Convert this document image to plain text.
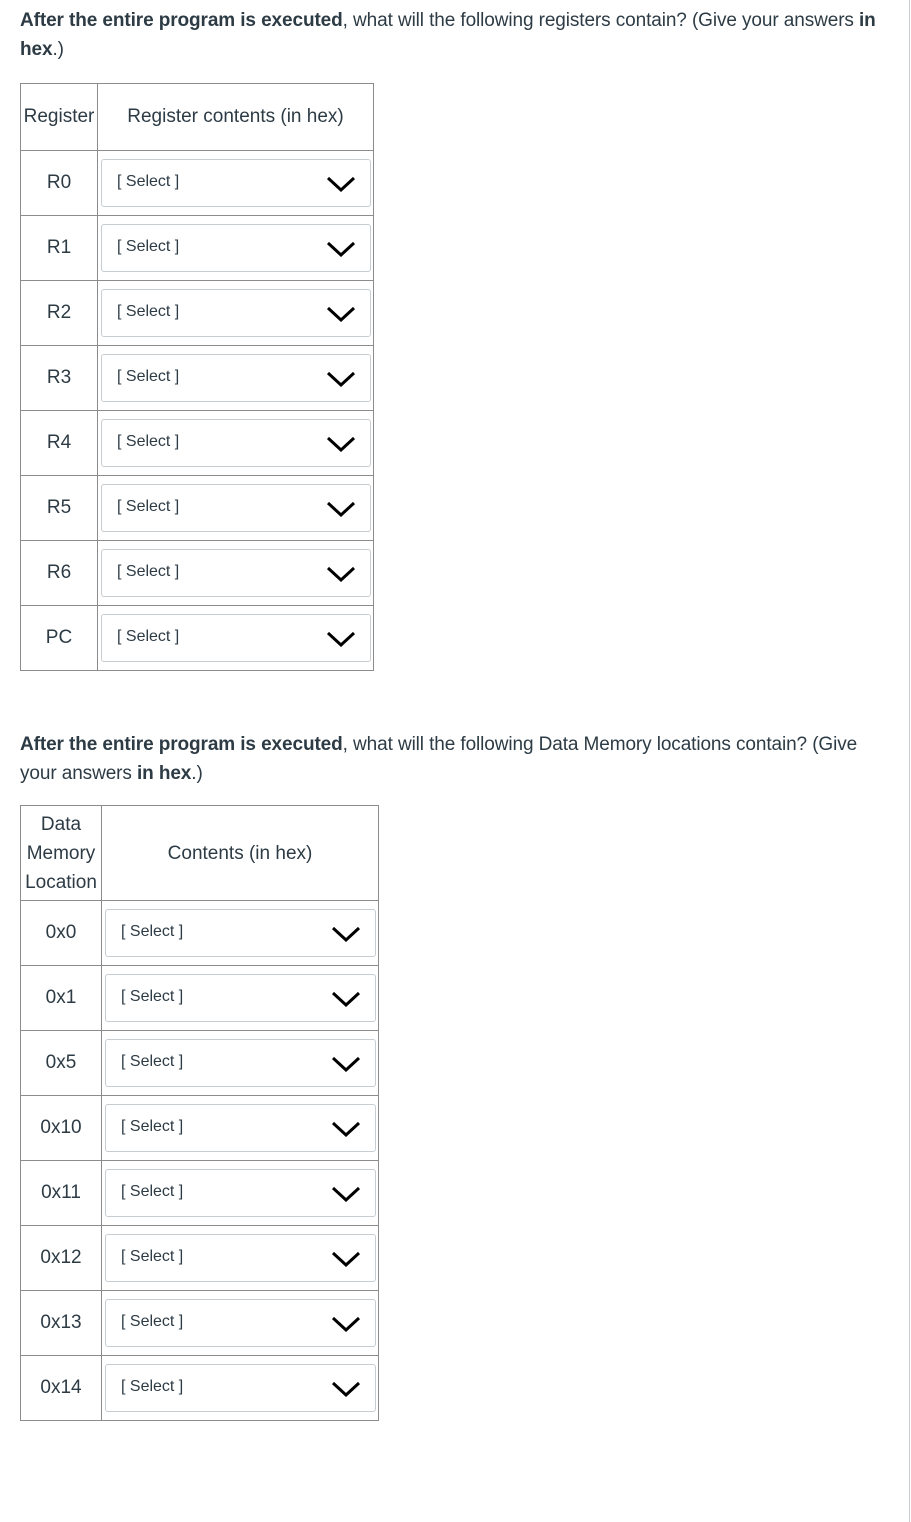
After the entire program is executed, what will the following registers contain? (Give your answers in hex.)

Register	Register contents (in hex)
R0	[ Select ]

R1	[ Select ]

R2	[ Select ]

R3	[ Select ]

R4	[ Select ]

R5	[ Select ]

R6	[ Select ]

PC	[ Select ]

After the entire program is executed, what will the following Data Memory locations contain? (Give your answers in hex.)

Data Memory Location	Contents (in hex)
0x0	[ Select ]

0x1	[ Select ]

0x5	[ Select ]

0x10	[ Select ]

0x11	[ Select ]

0x12	[ Select ]

0x13	[ Select ]

0x14	[ Select ]
